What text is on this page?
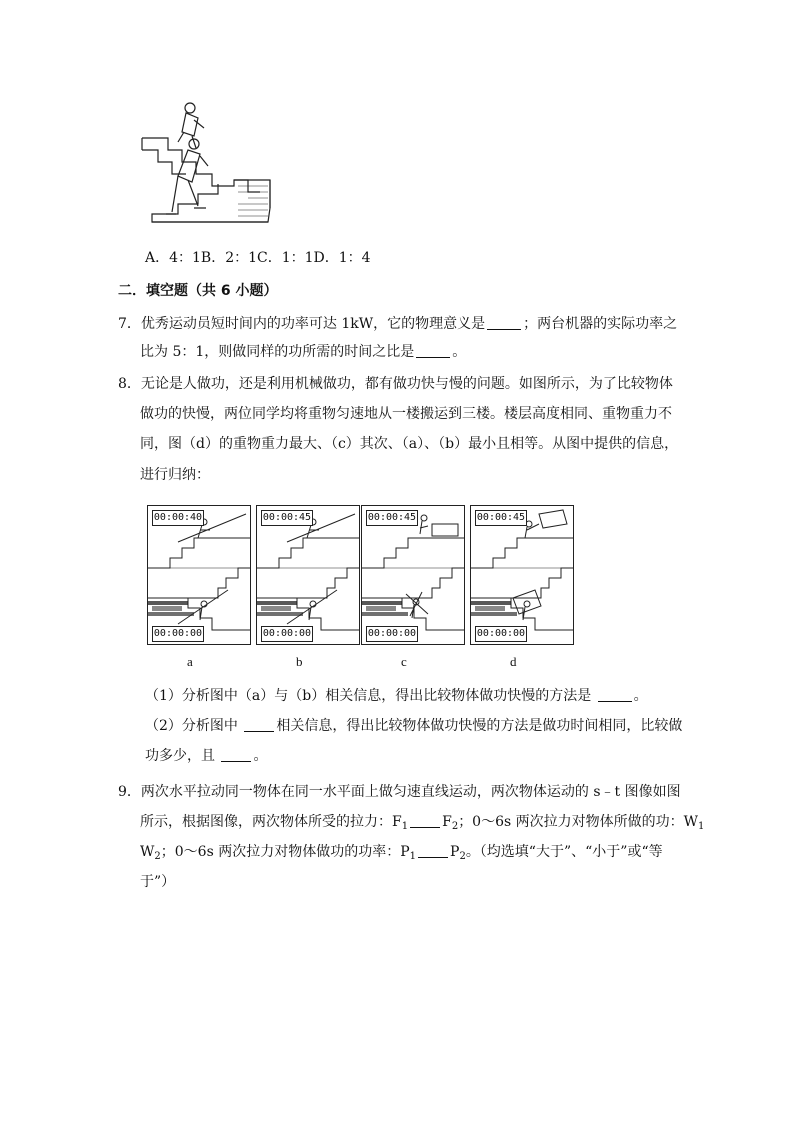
A．4：1B．2：1C．1：1D．1：4
二．填空题（共 6 小题）
7．优秀运动员短时间内的功率可达 1kW，它的物理意义是	；两台机器的实际功率之
比为 5：1，则做同样的功所需的时间之比是	。
8．无论是人做功，还是利用机械做功，都有做功快与慢的问题。如图所示，为了比较物体
做功的快慢，两位同学均将重物匀速地从一楼搬运到三楼。楼层高度相同、重物重力不
同，图（d）的重物重力最大、（c）其次、（a）、（b）最小且相等。从图中提供的信息，
进行归纳：
00:00:40
00:00:00
a
00:00:45
00:00:00
b
00:00:45
00:00:00
c
00:00:45
00:00:00
d
（1）分析图中（a）与（b）相关信息，得出比较物体做功快慢的方法是	。
（2）分析图中	相关信息，得出比较物体做功快慢的方法是做功时间相同，比较做
功多少，且	。
9．两次水平拉动同一物体在同一水平面上做匀速直线运动，两次物体运动的 s﹣t 图像如图
所示，根据图像，两次物体所受的拉力：$F_1$ $F_2$；0～6s 两次拉力对物体所做的功：$W_1$
$W_2$；0～6s 两次拉力对物体做功的功率：$P_1$ $P_2$。（均选填“大于”、“小于”或“等
于”）
